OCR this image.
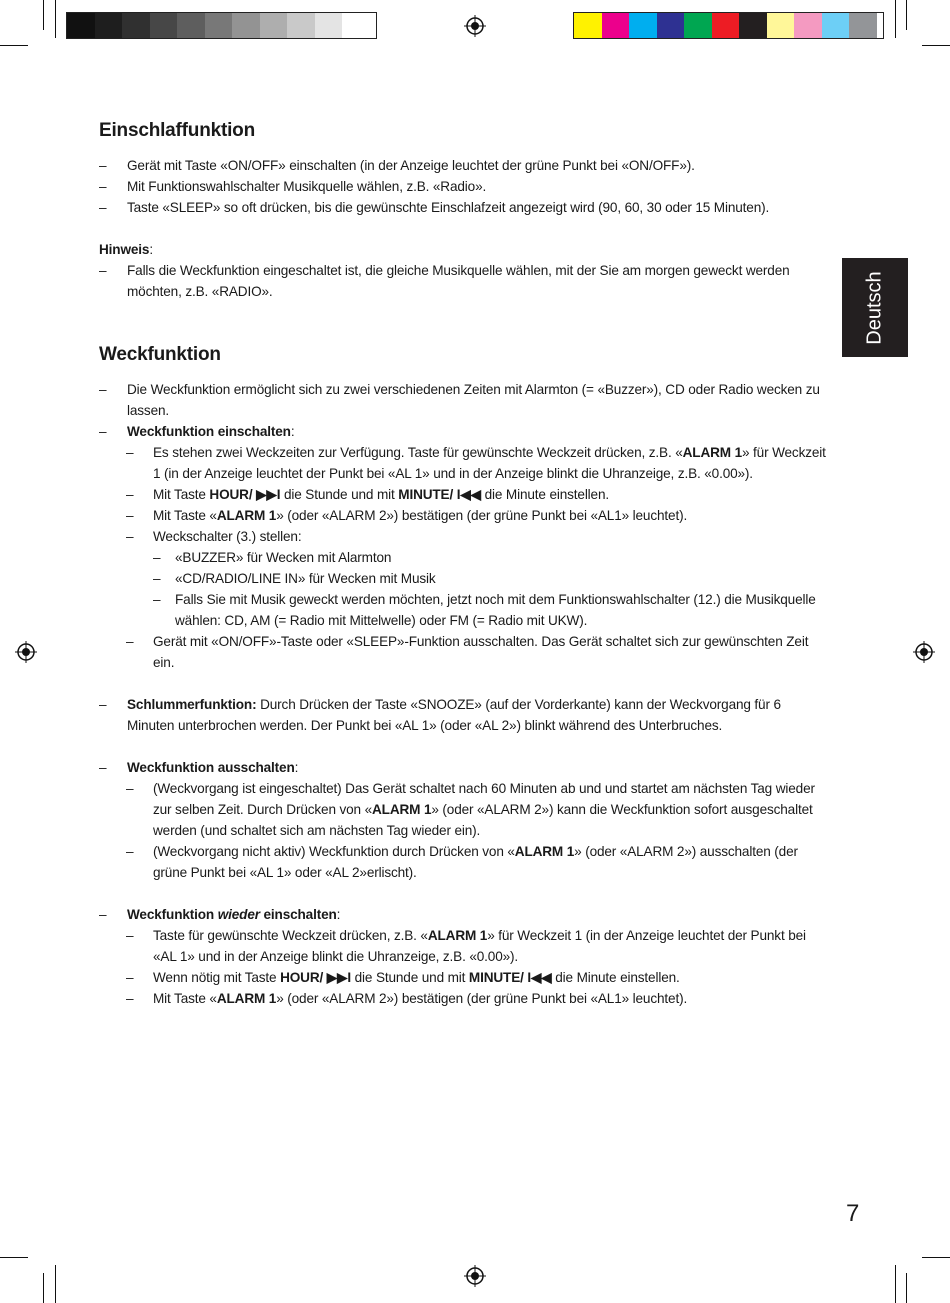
Deutsch
Einschlaffunktion
– Gerät mit Taste «ON/OFF» einschalten (in der Anzeige leuchtet der grüne Punkt bei «ON/OFF»).
– Mit Funktionswahlschalter Musikquelle wählen, z.B. «Radio».
– Taste «SLEEP» so oft drücken, bis die gewünschte Einschlafzeit angezeigt wird (90, 60, 30 oder 15 Minuten).
Hinweis:
– Falls die Weckfunktion eingeschaltet ist, die gleiche Musikquelle wählen, mit der Sie am morgen geweckt werden möchten, z.B. «RADIO».
Weckfunktion
– Die Weckfunktion ermöglicht sich zu zwei verschiedenen Zeiten mit Alarmton (= «Buzzer»), CD oder Radio wecken zu lassen.
– Weckfunktion einschalten:
– Es stehen zwei Weckzeiten zur Verfügung. Taste für gewünschte Weckzeit drücken, z.B. «ALARM 1» für Weckzeit 1 (in der Anzeige leuchtet der Punkt bei «AL 1» und in der Anzeige blinkt die Uhranzeige, z.B. «0.00»).
– Mit Taste HOUR/ ▶▶I die Stunde und mit MINUTE/ I◀◀ die Minute einstellen.
– Mit Taste «ALARM 1» (oder «ALARM 2») bestätigen (der grüne Punkt bei «AL1» leuchtet).
– Weckschalter (3.) stellen:
– «BUZZER» für Wecken mit Alarmton
– «CD/RADIO/LINE IN» für Wecken mit Musik
– Falls Sie mit Musik geweckt werden möchten, jetzt noch mit dem Funktionswahlschalter (12.) die Musikquelle wählen: CD, AM (= Radio mit Mittelwelle) oder FM (= Radio mit UKW).
– Gerät mit «ON/OFF»-Taste oder «SLEEP»-Funktion ausschalten. Das Gerät schaltet sich zur gewünschten Zeit ein.
– Schlummerfunktion: Durch Drücken der Taste «SNOOZE» (auf der Vorderkante) kann der Weckvorgang für 6 Minuten unterbrochen werden. Der Punkt bei «AL 1» (oder «AL 2») blinkt während des Unterbruches.
– Weckfunktion ausschalten:
– (Weckvorgang ist eingeschaltet) Das Gerät schaltet nach 60 Minuten ab und und startet am nächsten Tag wieder zur selben Zeit. Durch Drücken von «ALARM 1» (oder «ALARM 2») kann die Weckfunktion sofort ausgeschaltet werden (und schaltet sich am nächsten Tag wieder ein).
– (Weckvorgang nicht aktiv) Weckfunktion durch Drücken von «ALARM 1» (oder «ALARM 2») ausschalten (der grüne Punkt bei «AL 1» oder «AL 2»erlischt).
– Weckfunktion wieder einschalten:
– Taste für gewünschte Weckzeit drücken, z.B. «ALARM 1» für Weckzeit 1 (in der Anzeige leuchtet der Punkt bei «AL 1» und in der Anzeige blinkt die Uhranzeige, z.B. «0.00»).
– Wenn nötig mit Taste HOUR/ ▶▶I die Stunde und mit MINUTE/ I◀◀ die Minute einstellen.
– Mit Taste «ALARM 1» (oder «ALARM 2») bestätigen (der grüne Punkt bei «AL1» leuchtet).
7
